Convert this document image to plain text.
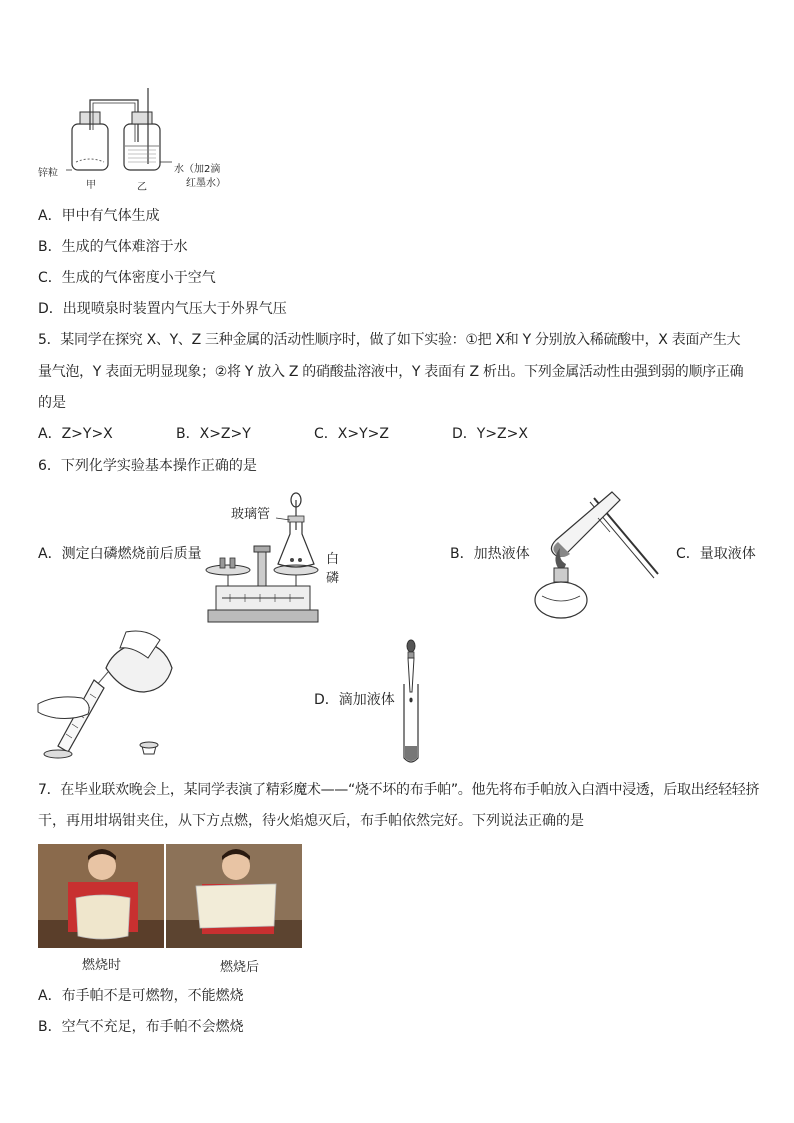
锌粒
甲	乙
水（加2滴
红墨水）
A．甲中有气体生成
B．生成的气体难溶于水
C．生成的气体密度小于空气
D．出现喷泉时装置内气压大于外界气压
5．某同学在探究 X、Y、Z 三种金属的活动性顺序时，做了如下实验：①把 X和 Y 分别放入稀硫酸中，X 表面产生大
量气泡，Y 表面无明显现象；②将 Y 放入 Z 的硝酸盐溶液中，Y 表面有 Z 析出。下列金属活动性由强到弱的顺序正确
的是
A．Z>Y>X	B．X>Z>Y	C．X>Y>Z	D．Y>Z>X
6．下列化学实验基本操作正确的是
A．测定白磷燃烧前后质量
玻璃管
白
磷
B．加热液体	C．量取液体
D．滴加液体
7．在毕业联欢晚会上，某同学表演了精彩魔术——“烧不坏的布手帕”。他先将布手帕放入白酒中浸透，后取出经轻轻挤
干，再用坩埚钳夹住，从下方点燃，待火焰熄灭后，布手帕依然完好。下列说法正确的是
燃烧时	燃烧后
A．布手帕不是可燃物，不能燃烧
B．空气不充足，布手帕不会燃烧
